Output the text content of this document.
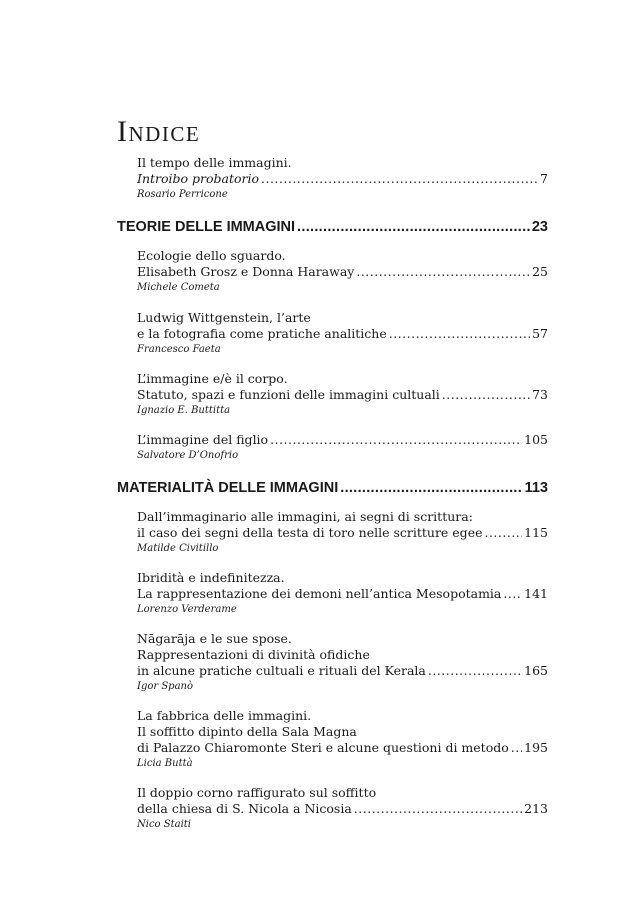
Indice
Il tempo delle immagini.
Introibo probatorio .....	7
Rosario Perricone
TEORIE DELLE IMMAGINI .....	23
Ecologie dello sguardo.
Elisabeth Grosz e Donna Haraway .....	25
Michele Cometa
Ludwig Wittgenstein, l’arte
e la fotografia come pratiche analitiche .....	57
Francesco Faeta
L’immagine e/è il corpo.
Statuto, spazi e funzioni delle immagini cultuali .....	73
Ignazio E. Buttitta
L’immagine del figlio .....	105
Salvatore D’Onofrio
MATERIALITÀ DELLE IMMAGINI .....	113
Dall’immaginario alle immagini, ai segni di scrittura:
il caso dei segni della testa di toro nelle scritture egee .....	115
Matilde Civitillo
Ibridità e indefinitezza.
La rappresentazione dei demoni nell’antica Mesopotamia ..... 141
Lorenzo Verderame
Nāgarāja e le sue spose.
Rappresentazioni di divinità ofidiche
in alcune pratiche cultuali e rituali del Kerala .....	165
Igor Spanò
La fabbrica delle immagini.
Il soffitto dipinto della Sala Magna
di Palazzo Chiaromonte Steri e alcune questioni di metodo ..... 195
Licia Buttà
Il doppio corno raffigurato sul soffitto
della chiesa di S. Nicola a Nicosia .....	213
Nico Staiti
